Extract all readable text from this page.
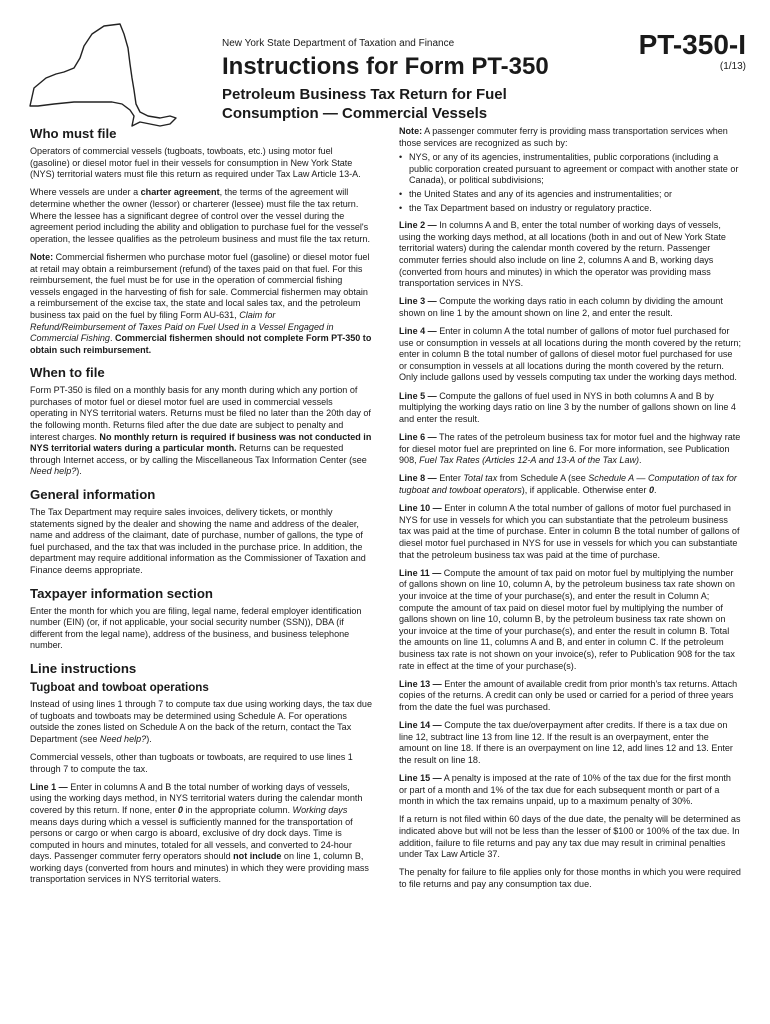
New York State Department of Taxation and Finance
Instructions for Form PT-350
Petroleum Business Tax Return for Fuel
Consumption — Commercial Vessels
PT-350-I
(1/13)
Who must file

Operators of commercial vessels (tugboats, towboats, etc.) using motor fuel (gasoline) or diesel motor fuel in their vessels for consumption in New York State (NYS) territorial waters must file this return as required under Tax Law Article 13-A.

Where vessels are under a charter agreement, the terms of the agreement will determine whether the owner (lessor) or charterer (lessee) must file the tax return. Where the lessee has a significant degree of control over the vessel during the agreement period including the ability and obligation to purchase fuel for the vessel's operation, the lessee qualifies as the petroleum business and must file the tax return.

Note: Commercial fishermen who purchase motor fuel (gasoline) or diesel motor fuel at retail may obtain a reimbursement (refund) of the taxes paid on that fuel. For this reimbursement, the fuel must be for use in the operation of commercial fishing vessels engaged in the harvesting of fish for sale. Commercial fishermen may obtain a reimbursement of the excise tax, the state and local sales tax, and the petroleum business tax paid on the fuel by filing Form AU-631, Claim for Refund/Reimbursement of Taxes Paid on Fuel Used in a Vessel Engaged in Commercial Fishing. Commercial fishermen should not complete Form PT-350 to obtain such reimbursement.

When to file

Form PT-350 is filed on a monthly basis for any month during which any portion of purchases of motor fuel or diesel motor fuel are used in commercial vessels operating in NYS territorial waters. Returns must be filed no later than the 20th day of the following month. Returns filed after the due date are subject to penalty and interest charges. No monthly return is required if business was not conducted in NYS territorial waters during a particular month. Returns can be requested through Internet access, or by calling the Miscellaneous Tax Information Center (see Need help?).

General information

The Tax Department may require sales invoices, delivery tickets, or monthly statements signed by the dealer and showing the name and address of the dealer, name and address of the claimant, date of purchase, number of gallons, the type of fuel purchased, and the tax that was included in the purchase price. In addition, the department may require additional information as the Commissioner of Taxation and Finance deems appropriate.

Taxpayer information section

Enter the month for which you are filing, legal name, federal employer identification number (EIN) (or, if not applicable, your social security number (SSN)), DBA (if different from the legal name), address of the business, and business telephone number.

Line instructions
Tugboat and towboat operations

Instead of using lines 1 through 7 to compute tax due using working days, the tax due of tugboats and towboats may be determined using Schedule A. For operations outside the zones listed on Schedule A on the back of the return, contact the Tax Department (see Need help?).

Commercial vessels, other than tugboats or towboats, are required to use lines 1 through 7 to compute the tax.

Line 1 — Enter in columns A and B the total number of working days of vessels, using the working days method, in NYS territorial waters during the calendar month covered by this return. If none, enter 0 in the appropriate column. Working days means days during which a vessel is sufficiently manned for the transportation of persons or cargo or when cargo is aboard, exclusive of dry dock days. Time is computed in hours and minutes, totaled for all vessels, and converted to 24-hour days. Passenger commuter ferry operators should not include on line 1, column B, working days (converted from hours and minutes) in which they were providing mass transportation services in NYS territorial waters.

Note: A passenger commuter ferry is providing mass transportation services when those services are recognized as such by:

• NYS, or any of its agencies, instrumentalities, public corporations (including a public corporation created pursuant to agreement or compact with another state or Canada), or political subdivisions;
• the United States and any of its agencies and instrumentalities; or
• the Tax Department based on industry or regulatory practice.

Line 2 — In columns A and B, enter the total number of working days of vessels, using the working days method, at all locations (both in and out of New York State territorial waters) during the calendar month covered by the return. Passenger commuter ferries should also include on line 2, columns A and B, working days (converted from hours and minutes) in which the operator was providing mass transportation services in NYS.

Line 3 — Compute the working days ratio in each column by dividing the amount shown on line 1 by the amount shown on line 2, and enter the result.

Line 4 — Enter in column A the total number of gallons of motor fuel purchased for use or consumption in vessels at all locations during the month covered by the return; enter in column B the total number of gallons of diesel motor fuel purchased for use or consumption in vessels at all locations during the month covered by the return. Only include gallons used by vessels computing tax under the working days method.

Line 5 — Compute the gallons of fuel used in NYS in both columns A and B by multiplying the working days ratio on line 3 by the number of gallons shown on line 4 and enter the result.

Line 6 — The rates of the petroleum business tax for motor fuel and the highway rate for diesel motor fuel are preprinted on line 6. For more information, see Publication 908, Fuel Tax Rates (Articles 12-A and 13-A of the Tax Law).

Line 8 — Enter Total tax from Schedule A (see Schedule A — Computation of tax for tugboat and towboat operators), if applicable. Otherwise enter 0.

Line 10 — Enter in column A the total number of gallons of motor fuel purchased in NYS for use in vessels for which you can substantiate that the petroleum business tax was paid at the time of purchase. Enter in column B the total number of gallons of diesel motor fuel purchased in NYS for use in vessels for which you can substantiate that the petroleum business tax was paid at the time of purchase.

Line 11 — Compute the amount of tax paid on motor fuel by multiplying the number of gallons shown on line 10, column A, by the petroleum business tax rate shown on your invoice at the time of your purchase(s), and enter the result in Column A; compute the amount of tax paid on diesel motor fuel by multiplying the number of gallons shown on line 10, column B, by the petroleum business tax rate shown on your invoice at the time of your purchase(s), and enter the result in column B. Total the amounts on line 11, columns A and B, and enter in column C. If the petroleum business tax rate is not shown on your invoice(s), refer to Publication 908 for the tax rate in effect at the time of your purchase(s).

Line 13 — Enter the amount of available credit from prior month's tax returns. Attach copies of the returns. A credit can only be used or carried for a period of three years from the date the fuel was purchased.

Line 14 — Compute the tax due/overpayment after credits. If there is a tax due on line 12, subtract line 13 from line 12. If the result is an overpayment, enter the amount on line 18. If there is an overpayment on line 12, add lines 12 and 13. Enter the result on line 18.

Line 15 — A penalty is imposed at the rate of 10% of the tax due for the first month or part of a month and 1% of the tax due for each subsequent month or part of a month in which the tax remains unpaid, up to a maximum penalty of 30%.

If a return is not filed within 60 days of the due date, the penalty will be determined as indicated above but will not be less than the lesser of $100 or 100% of the tax due. In addition, failure to file returns and pay any tax due may result in criminal penalties under Tax Law Article 37.

The penalty for failure to file applies only for those months in which you were required to file returns and pay any consumption tax due.
